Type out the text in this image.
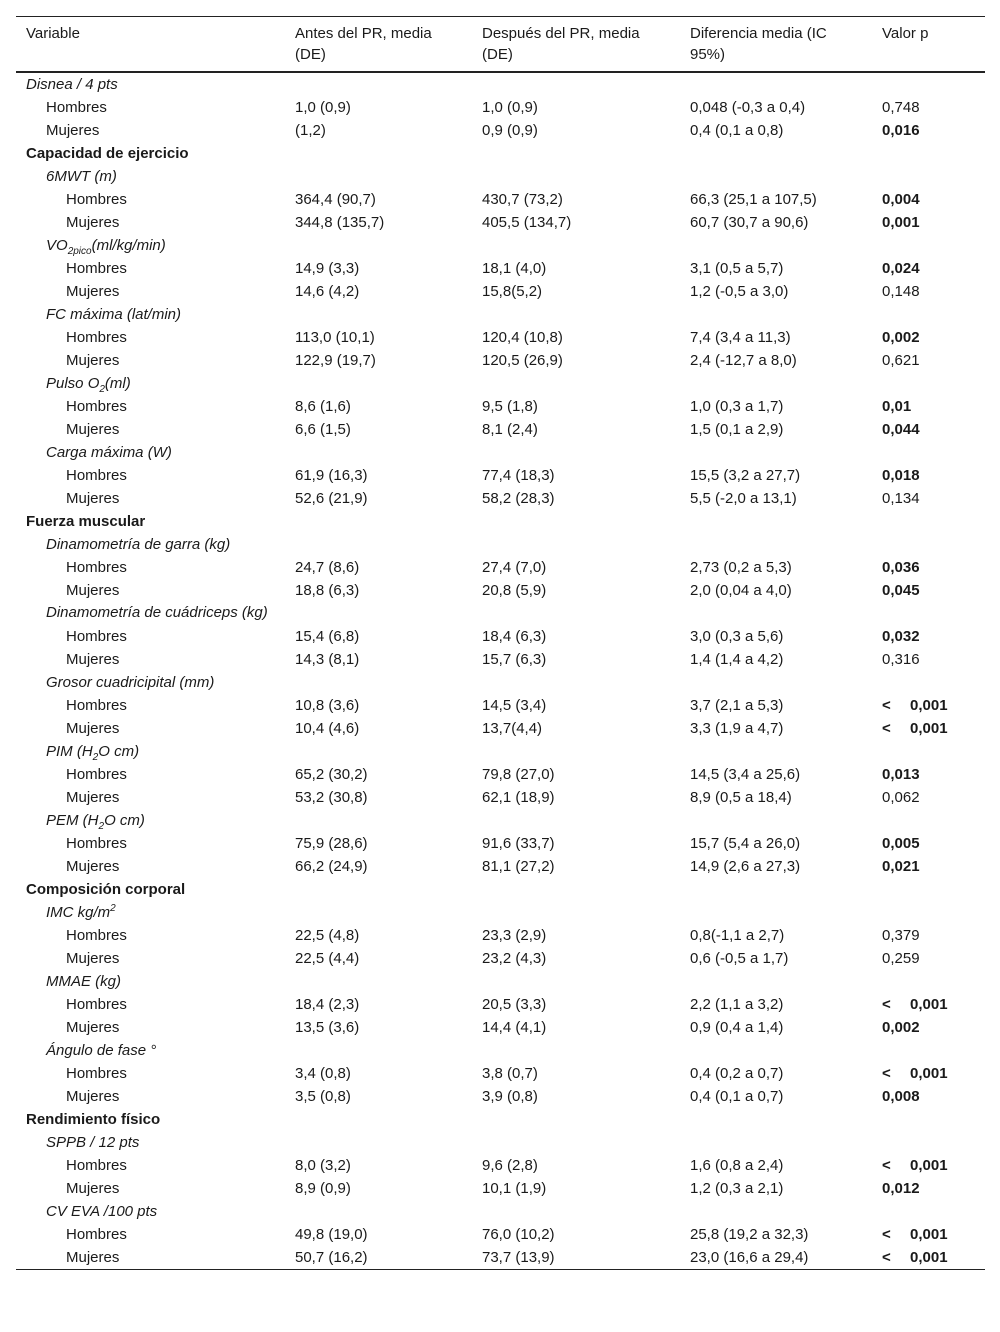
Variable	Antes del PR, media (DE)	Después del PR, media (DE)	Diferencia media (IC 95%)	Valor p
Disnea / 4 pts				
Hombres	1,0 (0,9)	1,0 (0,9)	0,048 (-0,3 a 0,4)	0,748
Mujeres	(1,2)	0,9 (0,9)	0,4 (0,1 a 0,8)	0,016
Capacidad de ejercicio				
6MWT (m)				
Hombres	364,4 (90,7)	430,7 (73,2)	66,3 (25,1 a 107,5)	0,004
Mujeres	344,8 (135,7)	405,5 (134,7)	60,7 (30,7 a 90,6)	0,001
$VO_{2pico}(ml/kg/\min)$				
Hombres	14,9 (3,3)	18,1 (4,0)	3,1 (0,5 a 5,7)	0,024
Mujeres	14,6 (4,2)	15,8(5,2)	1,2 (-0,5 a 3,0)	0,148
FC máxima (lat/min)				
Hombres	113,0 (10,1)	120,4 (10,8)	7,4 (3,4 a 11,3)	0,002
Mujeres	122,9 (19,7)	120,5 (26,9)	2,4 (-12,7 a 8,0)	0,621
Pulso $O_2(ml)$				
Hombres	8,6 (1,6)	9,5 (1,8)	1,0 (0,3 a 1,7)	0,01
Mujeres	6,6 (1,5)	8,1 (2,4)	1,5 (0,1 a 2,9)	0,044
Carga máxima (W)				
Hombres	61,9 (16,3)	77,4 (18,3)	15,5 (3,2 a 27,7)	0,018
Mujeres	52,6 (21,9)	58,2 (28,3)	5,5 (-2,0 a 13,1)	0,134
Fuerza muscular				
Dinamometría de garra (kg)				
Hombres	24,7 (8,6)	27,4 (7,0)	2,73 (0,2 a 5,3)	0,036
Mujeres	18,8 (6,3)	20,8 (5,9)	2,0 (0,04 a 4,0)	0,045

Dinamometría de cuádriceps (kg)				

Hombres	15,4 (6,8)	18,4 (6,3)	3,0 (0,3 a 5,6)	0,032
Mujeres	14,3 (8,1)	15,7 (6,3)	1,4 (1,4 a 4,2)	0,316
Grosor cuadricipital (mm)				
Hombres	10,8 (3,6)	14,5 (3,4)	3,7 (2,1 a 5,3)	< 0,001
Mujeres	10,4 (4,6)	13,7(4,4)	3,3 (1,9 a 4,7)	< 0,001
PIM ($H_2O$ cm)				
Hombres	65,2 (30,2)	79,8 (27,0)	14,5 (3,4 a 25,6)	0,013
Mujeres	53,2 (30,8)	62,1 (18,9)	8,9 (0,5 a 18,4)	0,062
PEM ($H_2O$ cm)				
Hombres	75,9 (28,6)	91,6 (33,7)	15,7 (5,4 a 26,0)	0,005
Mujeres	66,2 (24,9)	81,1 (27,2)	14,9 (2,6 a 27,3)	0,021
Composición corporal				
IMC $kg/m^2$
Hombres	22,5 (4,8)	23,3 (2,9)	0,8(-1,1 a 2,7)	0,379
Mujeres	22,5 (4,4)	23,2 (4,3)	0,6 (-0,5 a 1,7)	0,259
MMAE (kg)				
Hombres	18,4 (2,3)	20,5 (3,3)	2,2 (1,1 a 3,2)	< 0,001
Mujeres	13,5 (3,6)	14,4 (4,1)	0,9 (0,4 a 1,4)	0,002
Ángulo de fase °				
Hombres	3,4 (0,8)	3,8 (0,7)	0,4 (0,2 a 0,7)	< 0,001
Mujeres	3,5 (0,8)	3,9 (0,8)	0,4 (0,1 a 0,7)	0,008
Rendimiento físico				
SPPB / 12 pts				
Hombres	8,0 (3,2)	9,6 (2,8)	1,6 (0,8 a 2,4)	< 0,001
Mujeres	8,9 (0,9)	10,1 (1,9)	1,2 (0,3 a 2,1)	0,012
CV EVA /100 pts				
Hombres	49,8 (19,0)	76,0 (10,2)	25,8 (19,2 a 32,3)	< 0,001
Mujeres	50,7 (16,2)	73,7 (13,9)	23,0 (16,6 a 29,4)	< 0,001
